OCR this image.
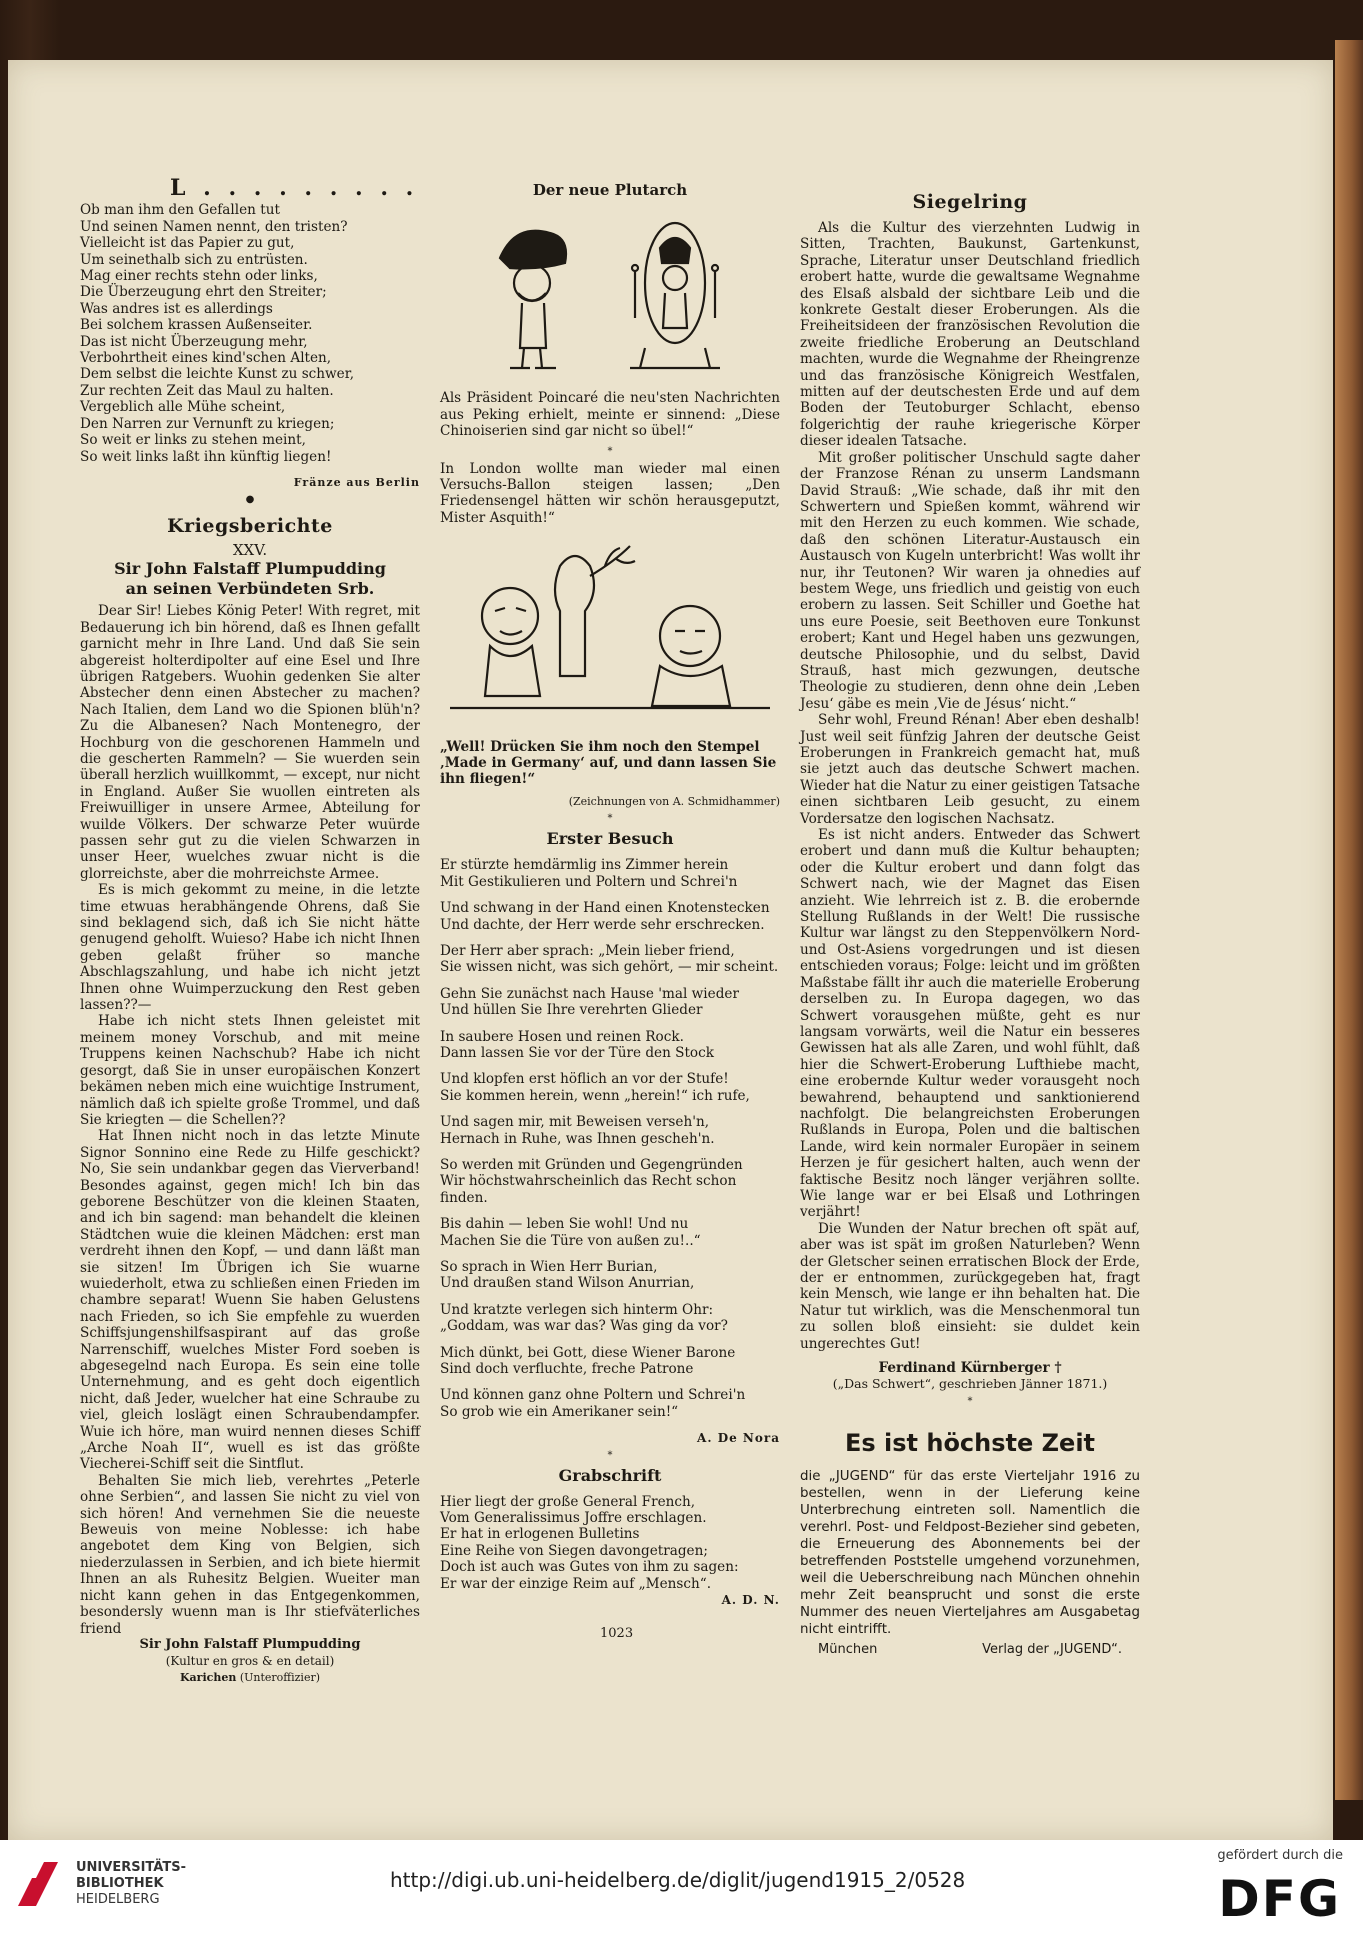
L . . . . . . . . .

Ob man ihm den Gefallen tut

Und seinen Namen nennt, den tristen?

Vielleicht ist das Papier zu gut,

Um seinethalb sich zu entrüsten.

Mag einer rechts stehn oder links,

Die Überzeugung ehrt den Streiter;

Was andres ist es allerdings

Bei solchem krassen Außenseiter.

Das ist nicht Überzeugung mehr,

Verbohrtheit eines kind'schen Alten,

Dem selbst die leichte Kunst zu schwer,

Zur rechten Zeit das Maul zu halten.

Vergeblich alle Mühe scheint,

Den Narren zur Vernunft zu kriegen;

So weit er links zu stehen meint,

So weit links laßt ihn künftig liegen!

Fränze aus Berlin
●
Kriegsberichte
XXV.
Sir John Falstaff Plumpudding
an seinen Verbündeten Srb.

Dear Sir! Liebes König Peter! With regret, mit Bedauerung ich bin hörend, daß es Ihnen gefallt garnicht mehr in Ihre Land. Und daß Sie sein abgereist holterdipolter auf eine Esel und Ihre übrigen Ratgebers. Wuohin gedenken Sie alter Abstecher denn einen Abstecher zu machen? Nach Italien, dem Land wo die Spionen blüh'n? Zu die Albanesen? Nach Montenegro, der Hochburg von die geschorenen Hammeln und die gescherten Rammeln? — Sie wuerden sein überall herzlich wuillkommt, — except, nur nicht in England. Außer Sie wuollen eintreten als Freiwuilliger in unsere Armee, Abteilung for wuilde Völkers. Der schwarze Peter wuürde passen sehr gut zu die vielen Schwarzen in unser Heer, wuelches zwuar nicht is die glorreichste, aber die mohrreichste Armee.

Es is mich gekommt zu meine, in die letzte time etwuas herabhängende Ohrens, daß Sie sind beklagend sich, daß ich Sie nicht hätte genugend geholft. Wuieso? Habe ich nicht Ihnen geben gelaßt früher so manche Abschlagszahlung, und habe ich nicht jetzt Ihnen ohne Wuimperzuckung den Rest geben lassen??—

Habe ich nicht stets Ihnen geleistet mit meinem money Vorschub, and mit meine Truppens keinen Nachschub? Habe ich nicht gesorgt, daß Sie in unser europäischen Konzert bekämen neben mich eine wuichtige Instrument, nämlich daß ich spielte große Trommel, und daß Sie kriegten — die Schellen??

Hat Ihnen nicht noch in das letzte Minute Signor Sonnino eine Rede zu Hilfe geschickt? No, Sie sein undankbar gegen das Vierverband! Besondes against, gegen mich! Ich bin das geborene Beschützer von die kleinen Staaten, and ich bin sagend: man behandelt die kleinen Städtchen wuie die kleinen Mädchen: erst man verdreht ihnen den Kopf, — und dann läßt man sie sitzen! Im Übrigen ich Sie wuarne wuiederholt, etwa zu schließen einen Frieden im chambre separat! Wuenn Sie haben Gelustens nach Frieden, so ich Sie empfehle zu wuerden Schiffsjungenshilfsaspirant auf das große Narrenschiff, wuelches Mister Ford soeben is abgesegelnd nach Europa. Es sein eine tolle Unternehmung, and es geht doch eigentlich nicht, daß Jeder, wuelcher hat eine Schraube zu viel, gleich loslägt einen Schraubendampfer. Wuie ich höre, man wuird nennen dieses Schiff „Arche Noah II“, wuell es ist das größte Viecherei-Schiff seit die Sintflut.

Behalten Sie mich lieb, verehrtes „Peterle ohne Serbien“, and lassen Sie nicht zu viel von sich hören! And vernehmen Sie die neueste Beweuis von meine Noblesse: ich habe angebotet dem King von Belgien, sich niederzulassen in Serbien, and ich biete hiermit Ihnen an als Ruhesitz Belgien. Wueiter man nicht kann gehen in das Entgegenkommen, besondersly wuenn man is Ihr stiefväterliches friend

Sir John Falstaff Plumpudding
(Kultur en gros & en detail)
Karichen (Unteroffizier)
Der neue Plutarch
Als Präsident Poincaré die neu'sten Nachrichten aus Peking erhielt, meinte er sinnend: „Diese Chinoiserien sind gar nicht so übel!“
*
In London wollte man wieder mal einen Versuchs-Ballon steigen lassen; „Den Friedensengel hätten wir schön herausgeputzt, Mister Asquith!“
„Well! Drücken Sie ihm noch den Stempel ‚Made in Germany‘ auf, und dann lassen Sie ihn fliegen!“
(Zeichnungen von A. Schmidhammer)
*
Erster Besuch
Er stürzte hemdärmlig ins Zimmer herein
Mit Gestikulieren und Poltern und Schrei'n
Und schwang in der Hand einen Knotenstecken
Und dachte, der Herr werde sehr erschrecken.
Der Herr aber sprach: „Mein lieber friend,
Sie wissen nicht, was sich gehört, — mir scheint.
Gehn Sie zunächst nach Hause 'mal wieder
Und hüllen Sie Ihre verehrten Glieder
In saubere Hosen und reinen Rock.
Dann lassen Sie vor der Türe den Stock
Und klopfen erst höflich an vor der Stufe!
Sie kommen herein, wenn „herein!“ ich rufe,
Und sagen mir, mit Beweisen verseh'n,
Hernach in Ruhe, was Ihnen gescheh'n.
So werden mit Gründen und Gegengründen
Wir höchstwahrscheinlich das Recht schon finden.
Bis dahin — leben Sie wohl! Und nu
Machen Sie die Türe von außen zu!..“
So sprach in Wien Herr Burian,
Und draußen stand Wilson Anurrian,
Und kratzte verlegen sich hinterm Ohr:
„Goddam, was war das? Was ging da vor?
Mich dünkt, bei Gott, diese Wiener Barone
Sind doch verfluchte, freche Patrone
Und können ganz ohne Poltern und Schrei'n
So grob wie ein Amerikaner sein!“
A. De Nora
*
Grabschrift
Hier liegt der große General French,
Vom Generalissimus Joffre erschlagen.
Er hat in erlogenen Bulletins
Eine Reihe von Siegen davongetragen;
Doch ist auch was Gutes von ihm zu sagen:
Er war der einzige Reim auf „Mensch“.
A. D. N.
Siegelring

Als die Kultur des vierzehnten Ludwig in Sitten, Trachten, Baukunst, Gartenkunst, Sprache, Literatur unser Deutschland friedlich erobert hatte, wurde die gewaltsame Wegnahme des Elsaß alsbald der sichtbare Leib und die konkrete Gestalt dieser Eroberungen. Als die Freiheitsideen der französischen Revolution die zweite friedliche Eroberung an Deutschland machten, wurde die Wegnahme der Rheingrenze und das französische Königreich Westfalen, mitten auf der deutschesten Erde und auf dem Boden der Teutoburger Schlacht, ebenso folgerichtig der rauhe kriegerische Körper dieser idealen Tatsache.

Mit großer politischer Unschuld sagte daher der Franzose Rénan zu unserm Landsmann David Strauß: „Wie schade, daß ihr mit den Schwertern und Spießen kommt, während wir mit den Herzen zu euch kommen. Wie schade, daß den schönen Literatur-Austausch ein Austausch von Kugeln unterbricht! Was wollt ihr nur, ihr Teutonen? Wir waren ja ohnedies auf bestem Wege, uns friedlich und geistig von euch erobern zu lassen. Seit Schiller und Goethe hat uns eure Poesie, seit Beethoven eure Tonkunst erobert; Kant und Hegel haben uns gezwungen, deutsche Philosophie, und du selbst, David Strauß, hast mich gezwungen, deutsche Theologie zu studieren, denn ohne dein ‚Leben Jesu‘ gäbe es mein ‚Vie de Jésus‘ nicht.“

Sehr wohl, Freund Rénan! Aber eben deshalb! Just weil seit fünfzig Jahren der deutsche Geist Eroberungen in Frankreich gemacht hat, muß sie jetzt auch das deutsche Schwert machen. Wieder hat die Natur zu einer geistigen Tatsache einen sichtbaren Leib gesucht, zu einem Vordersatze den logischen Nachsatz.

Es ist nicht anders. Entweder das Schwert erobert und dann muß die Kultur behaupten; oder die Kultur erobert und dann folgt das Schwert nach, wie der Magnet das Eisen anzieht. Wie lehrreich ist z. B. die erobernde Stellung Rußlands in der Welt! Die russische Kultur war längst zu den Steppenvölkern Nord- und Ost-Asiens vorgedrungen und ist diesen entschieden voraus; Folge: leicht und im größten Maßstabe fällt ihr auch die materielle Eroberung derselben zu. In Europa dagegen, wo das Schwert vorausgehen müßte, geht es nur langsam vorwärts, weil die Natur ein besseres Gewissen hat als alle Zaren, und wohl fühlt, daß hier die Schwert-Eroberung Lufthiebe macht, eine erobernde Kultur weder vorausgeht noch bewahrend, behauptend und sanktionierend nachfolgt. Die belangreichsten Eroberungen Rußlands in Europa, Polen und die baltischen Lande, wird kein normaler Europäer in seinem Herzen je für gesichert halten, auch wenn der faktische Besitz noch länger verjähren sollte. Wie lange war er bei Elsaß und Lothringen verjährt!

Die Wunden der Natur brechen oft spät auf, aber was ist spät im großen Naturleben? Wenn der Gletscher seinen erratischen Block der Erde, der er entnommen, zurückgegeben hat, fragt kein Mensch, wie lange er ihn behalten hat. Die Natur tut wirklich, was die Menschenmoral tun zu sollen bloß einsieht: sie duldet kein ungerechtes Gut!

Ferdinand Kürnberger †
(„Das Schwert“, geschrieben Jänner 1871.)
*
Es ist höchste Zeit
die „JUGEND“ für das erste Vierteljahr 1916 zu bestellen, wenn in der Lieferung keine Unterbrechung eintreten soll. Namentlich die verehrl. Post- und Feldpost-Bezieher sind gebeten, die Erneuerung des Abonnements bei der betreffenden Poststelle umgehend vorzunehmen, weil die Ueberschreibung nach München ohnehin mehr Zeit beansprucht und sonst die erste Nummer des neuen Vierteljahres am Ausgabetag nicht eintrifft.
München	Verlag der „JUGEND“.
1023
UNIVERSITÄTS-
BIBLIOTHEK
HEIDELBERG
http://digi.ub.uni-heidelberg.de/diglit/jugend1915_2/0528
gefördert durch die
DFG
